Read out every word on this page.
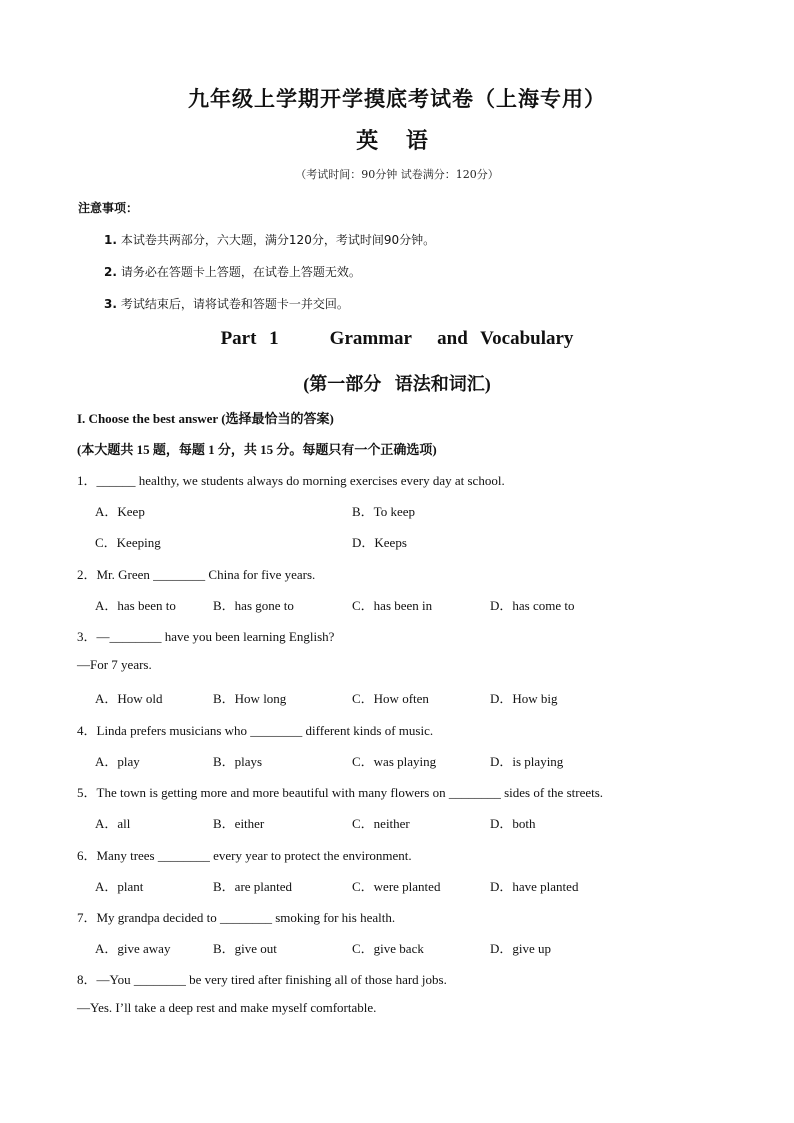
九年级上学期开学摸底考试卷（上海专用）
英 语
（考试时间：90分钟 试卷满分：120分）
注意事项：
1. 本试卷共两部分，六大题，满分120分，考试时间90分钟。
2. 请务必在答题卡上答题，在试卷上答题无效。
3. 考试结束后，请将试卷和答题卡一并交回。
Part 1    Grammar  and Vocabulary
(第一部分   语法和词汇)
I. Choose the best answer (选择最恰当的答案)
(本大题共 15 题，每题 1 分，共 15 分。每题只有一个正确选项)
1．______ healthy, we students always do morning exercises every day at school.
A．Keep	B．To keep
C．Keeping	D．Keeps
2．Mr. Green ________ China for five years.
A．has been to	B．has gone to	C．has been in	D．has come to
3．—________ have you been learning English?
—For 7 years.
A．How old	B．How long	C．How often	D．How big
4．Linda prefers musicians who ________ different kinds of music.
A．play	B．plays	C．was playing	D．is playing
5．The town is getting more and more beautiful with many flowers on ________ sides of the streets.
A．all	B．either	C．neither	D．both
6．Many trees ________ every year to protect the environment.
A．plant	B．are planted	C．were planted	D．have planted
7．My grandpa decided to ________ smoking for his health.
A．give away	B．give out	C．give back	D．give up
8．—You ________ be very tired after finishing all of those hard jobs.
—Yes. I’ll take a deep rest and make myself comfortable.
